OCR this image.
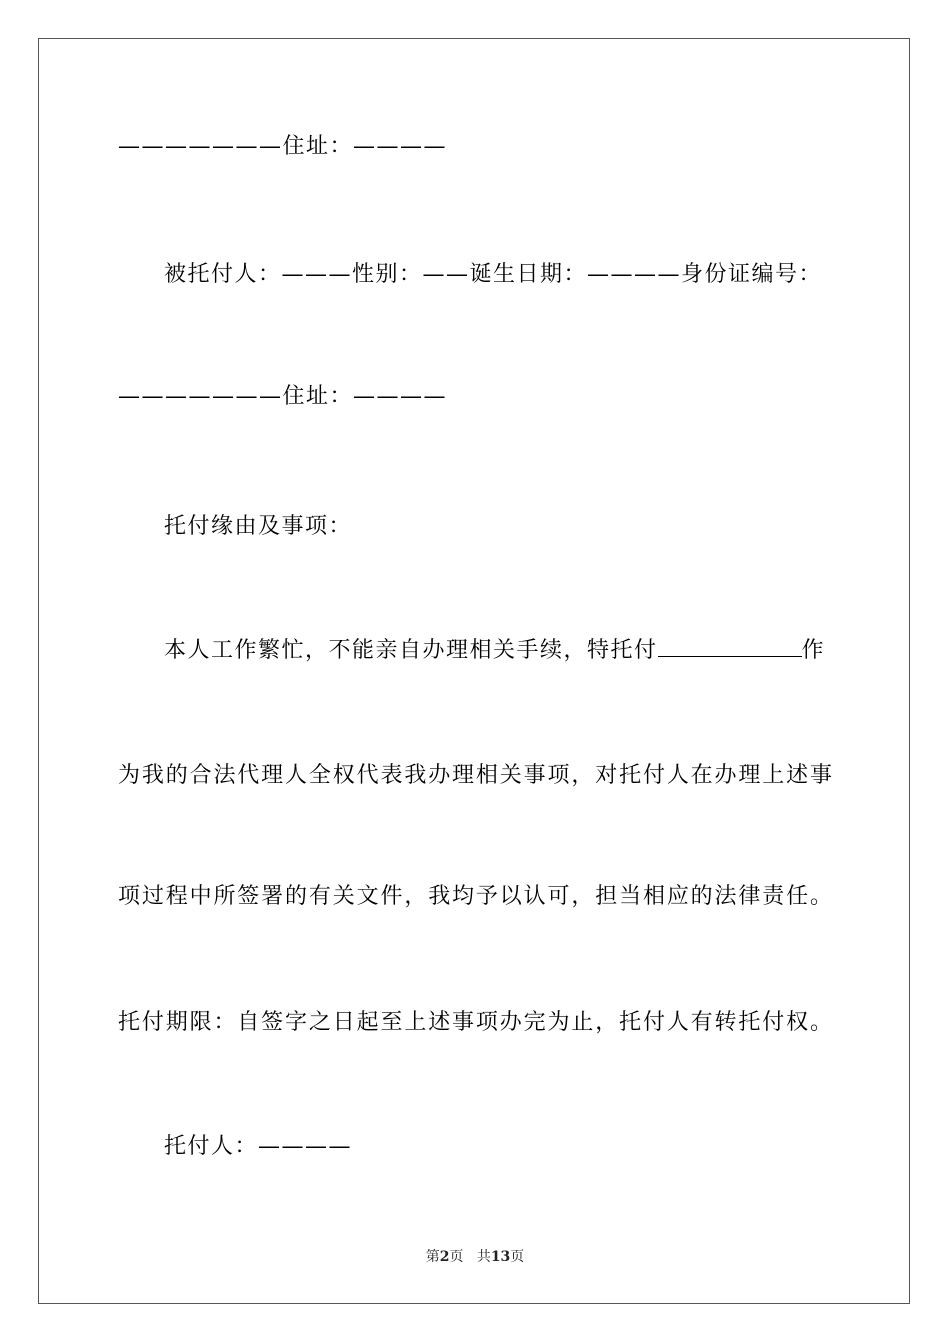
———————住址：————
被托付人：———性别：——诞生日期：————身份证编号：
———————住址：————
托付缘由及事项：
本人工作繁忙，不能亲自办理相关手续，特托付	作
为我的合法代理人全权代表我办理相关事项，对托付人在办理上述事
项过程中所签署的有关文件，我均予以认可，担当相应的法律责任。
托付期限：自签字之日起至上述事项办完为止，托付人有转托付权。
托付人：————
第2页 共13页
